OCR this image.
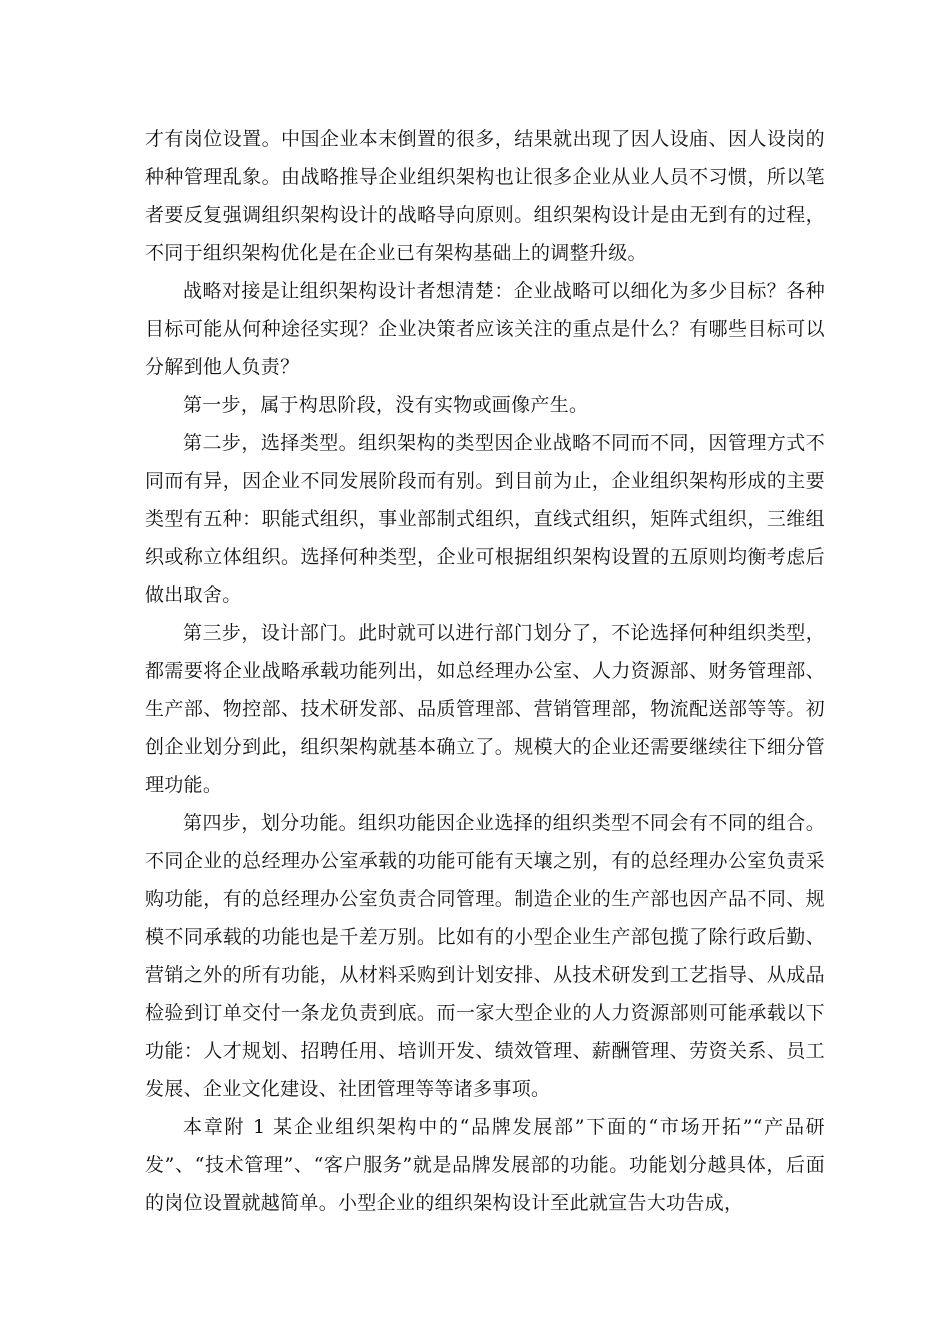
才有岗位设置。中国企业本末倒置的很多，结果就出现了因人设庙、因人设岗的种种管理乱象。由战略推导企业组织架构也让很多企业从业人员不习惯，所以笔者要反复强调组织架构设计的战略导向原则。组织架构设计是由无到有的过程，不同于组织架构优化是在企业已有架构基础上的调整升级。

战略对接是让组织架构设计者想清楚：企业战略可以细化为多少目标？各种目标可能从何种途径实现？企业决策者应该关注的重点是什么？有哪些目标可以分解到他人负责？

第一步，属于构思阶段，没有实物或画像产生。

第二步，选择类型。组织架构的类型因企业战略不同而不同，因管理方式不同而有异，因企业不同发展阶段而有别。到目前为止，企业组织架构形成的主要类型有五种：职能式组织，事业部制式组织，直线式组织，矩阵式组织，三维组织或称立体组织。选择何种类型，企业可根据组织架构设置的五原则均衡考虑后做出取舍。

第三步，设计部门。此时就可以进行部门划分了，不论选择何种组织类型，都需要将企业战略承载功能列出，如总经理办公室、人力资源部、财务管理部、生产部、物控部、技术研发部、品质管理部、营销管理部，物流配送部等等。初创企业划分到此，组织架构就基本确立了。规模大的企业还需要继续往下细分管理功能。

第四步，划分功能。组织功能因企业选择的组织类型不同会有不同的组合。不同企业的总经理办公室承载的功能可能有天壤之别，有的总经理办公室负责采购功能，有的总经理办公室负责合同管理。制造企业的生产部也因产品不同、规模不同承载的功能也是千差万别。比如有的小型企业生产部包揽了除行政后勤、营销之外的所有功能，从材料采购到计划安排、从技术研发到工艺指导、从成品检验到订单交付一条龙负责到底。而一家大型企业的人力资源部则可能承载以下功能：人才规划、招聘任用、培训开发、绩效管理、薪酬管理、劳资关系、员工发展、企业文化建设、社团管理等等诸多事项。

本章附 1 某企业组织架构中的“品牌发展部”下面的“市场开拓”“产品研发”、“技术管理”、“客户服务”就是品牌发展部的功能。功能划分越具体，后面的岗位设置就越简单。小型企业的组织架构设计至此就宣告大功告成，
